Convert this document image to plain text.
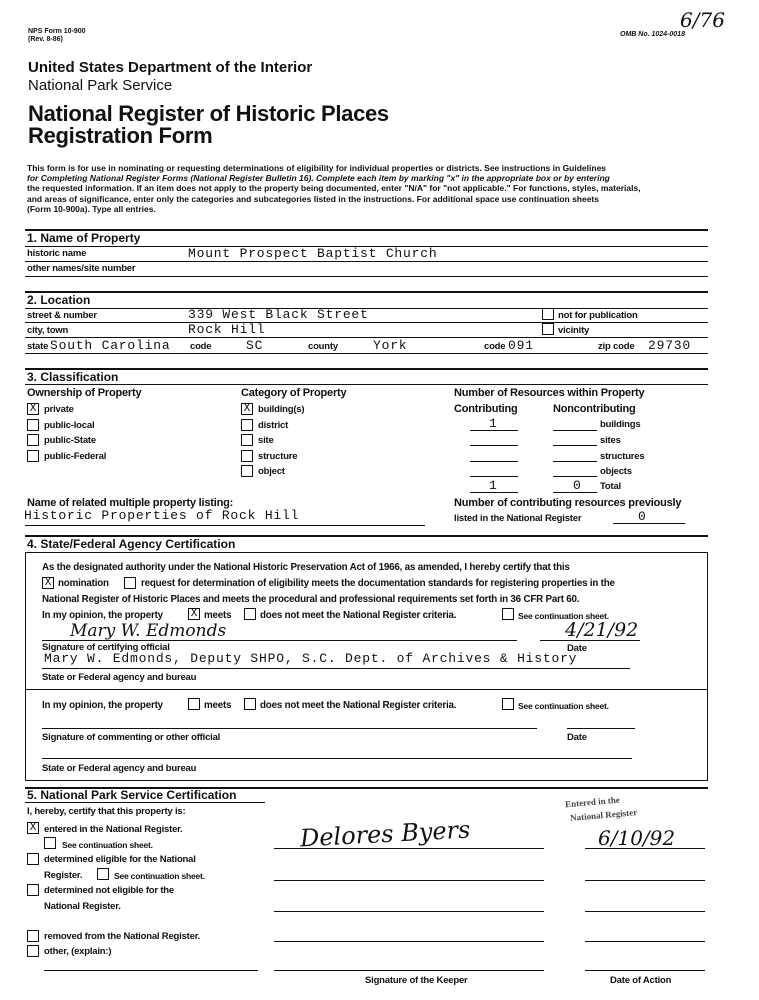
NPS Form 10-900
(Rev. 8-86)
OMB No. 1024-0018
6/76
United States Department of the Interior
National Park Service
National Register of Historic Places
Registration Form
This form is for use in nominating or requesting determinations of eligibility for individual properties or districts. See instructions in Guidelines
for Completing National Register Forms (National Register Bulletin 16). Complete each item by marking "x" in the appropriate box or by entering
the requested information. If an item does not apply to the property being documented, enter "N/A" for "not applicable." For functions, styles, materials,
and areas of significance, enter only the categories and subcategories listed in the instructions. For additional space use continuation sheets
(Form 10-900a). Type all entries.
1. Name of Property
historic name	Mount Prospect Baptist Church
other names/site number
2. Location
street & number	339 West Black Street	not for publication
city, town	Rock Hill	vicinity
state South Carolina code	SC	county	York	code 091	zip code 29730
3. Classification
Ownership of Property
X private
public-local
public-State
public-Federal
Category of Property
X building(s)
district
site
structure
object
Number of Resources within Property
Contributing	Noncontributing
1	buildings
sites
structures
objects
1	0 Total
Name of related multiple property listing:
Historic Properties of Rock Hill
Number of contributing resources previously
listed in the National Register	0
4. State/Federal Agency Certification
As the designated authority under the National Historic Preservation Act of 1966, as amended, I hereby certify that this
X nomination	request for determination of eligibility meets the documentation standards for registering properties in the
National Register of Historic Places and meets the procedural and professional requirements set forth in 36 CFR Part 60.
In my opinion, the property	X meets	does not meet the National Register criteria.	See continuation sheet.
Mary W. Edmonds	4/21/92
Signature of certifying official	Date
Mary W. Edmonds, Deputy SHPO, S.C. Dept. of Archives & History
State or Federal agency and bureau
In my opinion, the property	meets	does not meet the National Register criteria.	See continuation sheet.
Signature of commenting or other official	Date
State or Federal agency and bureau
5. National Park Service Certification
I, hereby, certify that this property is:
X entered in the National Register.
See continuation sheet.
determined eligible for the National
Register.	See continuation sheet.
determined not eligible for the
National Register.
removed from the National Register.
other, (explain:)
Delores Byers
Entered in the
National Register
6/10/92
Signature of the Keeper	Date of Action
